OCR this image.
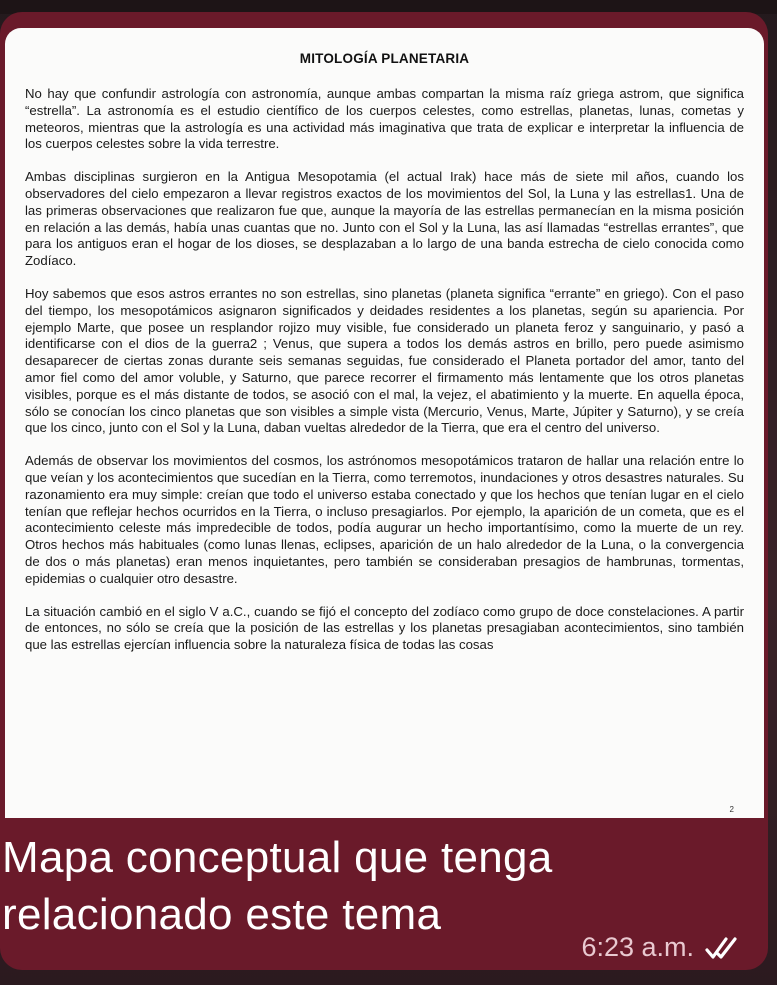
MITOLOGÍA PLANETARIA

No hay que confundir astrología con astronomía, aunque ambas compartan la misma raíz griega astrom, que significa “estrella”. La astronomía es el estudio científico de los cuerpos celestes, como estrellas, planetas, lunas, cometas y meteoros, mientras que la astrología es una actividad más imaginativa que trata de explicar e interpretar la influencia de los cuerpos celestes sobre la vida terrestre.

Ambas disciplinas surgieron en la Antigua Mesopotamia (el actual Irak) hace más de siete mil años, cuando los observadores del cielo empezaron a llevar registros exactos de los movimientos del Sol, la Luna y las estrellas1. Una de las primeras observaciones que realizaron fue que, aunque la mayoría de las estrellas permanecían en la misma posición en relación a las demás, había unas cuantas que no. Junto con el Sol y la Luna, las así llamadas “estrellas errantes”, que para los antiguos eran el hogar de los dioses, se desplazaban a lo largo de una banda estrecha de cielo conocida como Zodíaco.

Hoy sabemos que esos astros errantes no son estrellas, sino planetas (planeta significa “errante” en griego). Con el paso del tiempo, los mesopotámicos asignaron significados y deidades residentes a los planetas, según su apariencia. Por ejemplo Marte, que posee un resplandor rojizo muy visible, fue considerado un planeta feroz y sanguinario, y pasó a identificarse con el dios de la guerra2 ; Venus, que supera a todos los demás astros en brillo, pero puede asimismo desaparecer de ciertas zonas durante seis semanas seguidas, fue considerado el Planeta portador del amor, tanto del amor fiel como del amor voluble, y Saturno, que parece recorrer el firmamento más lentamente que los otros planetas visibles, porque es el más distante de todos, se asoció con el mal, la vejez, el abatimiento y la muerte. En aquella época, sólo se conocían los cinco planetas que son visibles a simple vista (Mercurio, Venus, Marte, Júpiter y Saturno), y se creía que los cinco, junto con el Sol y la Luna, daban vueltas alrededor de la Tierra, que era el centro del universo.

Además de observar los movimientos del cosmos, los astrónomos mesopotámicos trataron de hallar una relación entre lo que veían y los acontecimientos que sucedían en la Tierra, como terremotos, inundaciones y otros desastres naturales. Su razonamiento era muy simple: creían que todo el universo estaba conectado y que los hechos que tenían lugar en el cielo tenían que reflejar hechos ocurridos en la Tierra, o incluso presagiarlos. Por ejemplo, la aparición de un cometa, que es el acontecimiento celeste más impredecible de todos, podía augurar un hecho importantísimo, como la muerte de un rey. Otros hechos más habituales (como lunas llenas, eclipses, aparición de un halo alrededor de la Luna, o la convergencia de dos o más planetas) eran menos inquietantes, pero también se consideraban presagios de hambrunas, tormentas, epidemias o cualquier otro desastre.

La situación cambió en el siglo V a.C., cuando se fijó el concepto del zodíaco como grupo de doce constelaciones. A partir de entonces, no sólo se creía que la posición de las estrellas y los planetas presagiaban acontecimientos, sino también que las estrellas ejercían influencia sobre la naturaleza física de todas las cosas

2
Mapa conceptual que tenga
relacionado este tema
6:23 a.m.
